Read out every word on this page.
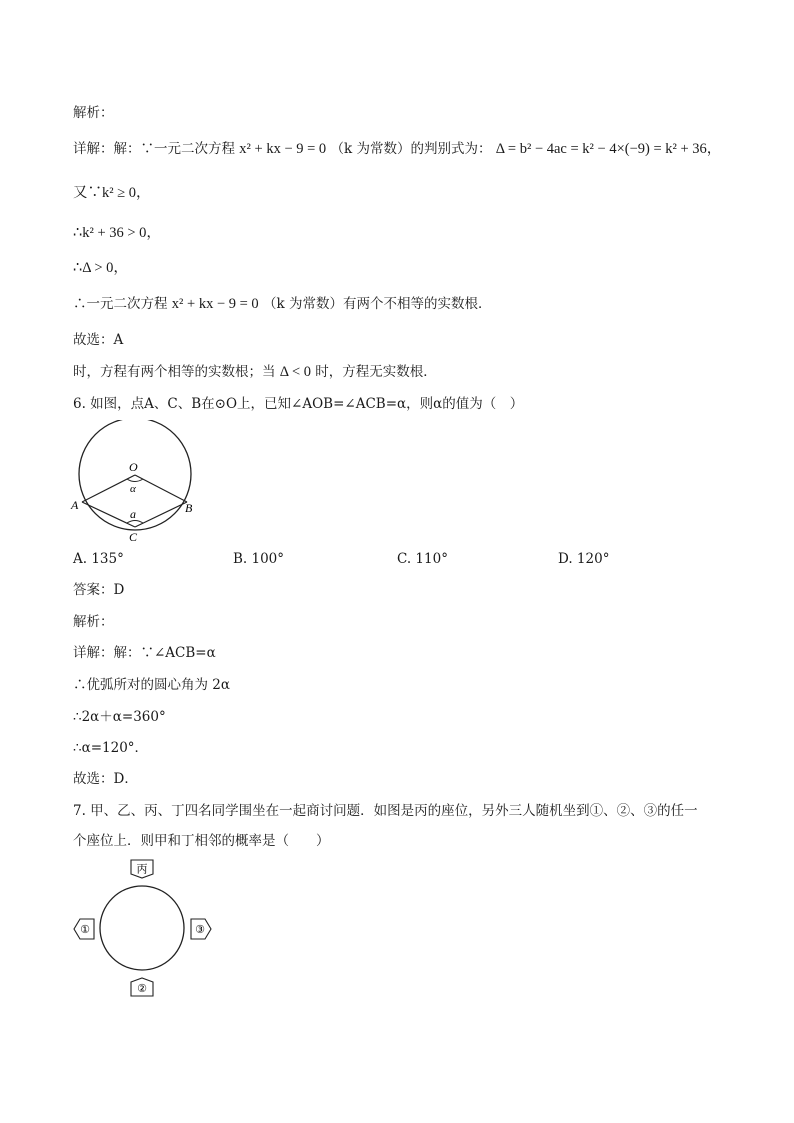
解析：
详解：解：∵一元二次方程 x² + kx − 9 = 0 （k 为常数）的判别式为： Δ = b² − 4ac = k² − 4×(−9) = k² + 36，
又∵k² ≥ 0，
∴k² + 36 > 0，
∴Δ > 0，
∴一元二次方程 x² + kx − 9 = 0 （k 为常数）有两个不相等的实数根．
故选：A
时，方程有两个相等的实数根；当 Δ < 0 时，方程无实数根．
6. 如图，点A、C、B在⊙O上，已知∠AOB=∠ACB=α，则α的值为（　）
O
α
A	B
a
C
A. 135°	B. 100°	C. 110°	D. 120°
答案：D
解析：
详解：解：∵∠ACB=α
∴优弧所对的圆心角为 2α
∴2α＋α=360°
∴α=120°．
故选：D．
7. 甲、乙、丙、丁四名同学围坐在一起商讨问题．如图是丙的座位，另外三人随机坐到①、②、③的任一
个座位上．则甲和丁相邻的概率是（　　）
丙
①	③
②
